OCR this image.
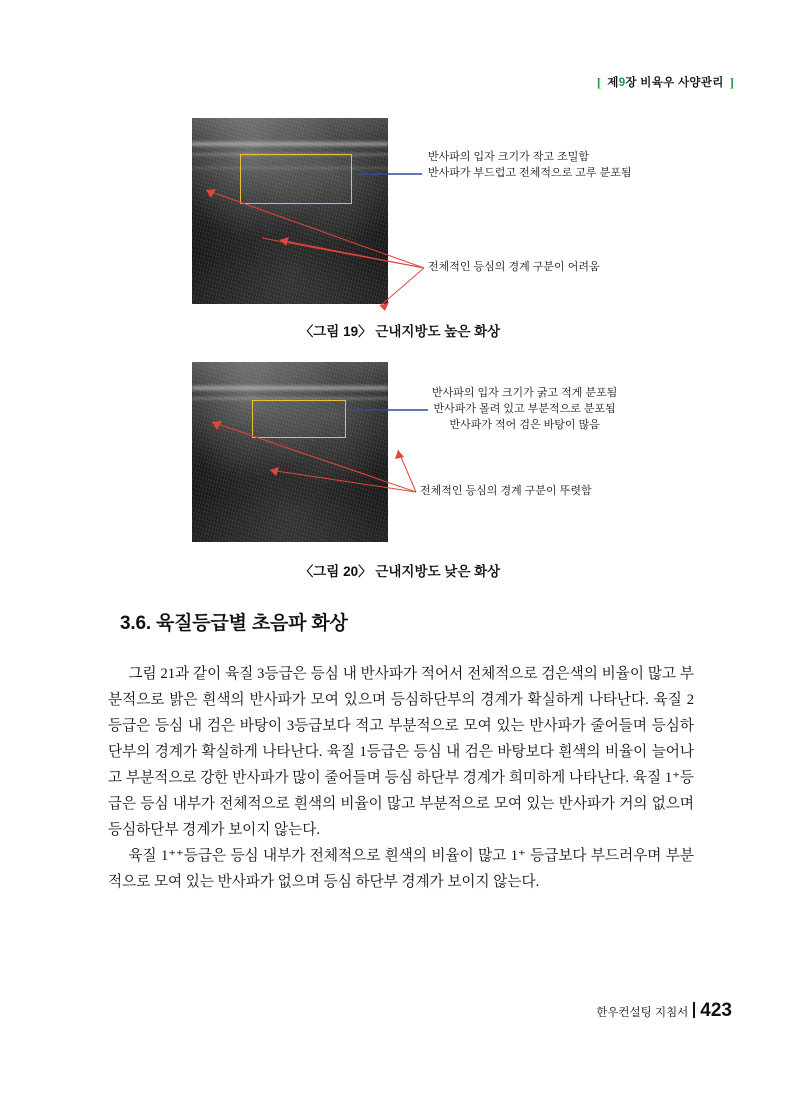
[ 제9장 비육우 사양관리 ]
반사파의 입자 크기가 작고 조밀함
반사파가 부드럽고 전체적으로 고루 분포됨
전체적인 등심의 경계 구분이 어려움
〈그림 19〉 근내지방도 높은 화상
반사파의 입자 크기가 굵고 적게 분포됨
반사파가 몰려 있고 부분적으로 분포됨
반사파가 적어 검은 바탕이 많음
전체적인 등심의 경계 구분이 뚜렷함
〈그림 20〉 근내지방도 낮은 화상
3.6. 육질등급별 초음파 화상

그림 21과 같이 육질 3등급은 등심 내 반사파가 적어서 전체적으로 검은색의 비율이 많고 부분적으로 밝은 흰색의 반사파가 모여 있으며 등심하단부의 경계가 확실하게 나타난다. 육질 2등급은 등심 내 검은 바탕이 3등급보다 적고 부분적으로 모여 있는 반사파가 줄어들며 등심하단부의 경계가 확실하게 나타난다. 육질 1등급은 등심 내 검은 바탕보다 흰색의 비율이 늘어나고 부분적으로 강한 반사파가 많이 줄어들며 등심 하단부 경계가 희미하게 나타난다. 육질 1⁺등급은 등심 내부가 전체적으로 흰색의 비율이 많고 부분적으로 모여 있는 반사파가 거의 없으며 등심하단부 경계가 보이지 않는다.

육질 1⁺⁺등급은 등심 내부가 전체적으로 흰색의 비율이 많고 1⁺ 등급보다 부드러우며 부분적으로 모여 있는 반사파가 없으며 등심 하단부 경계가 보이지 않는다.

한우컨설팅 지침서 423
